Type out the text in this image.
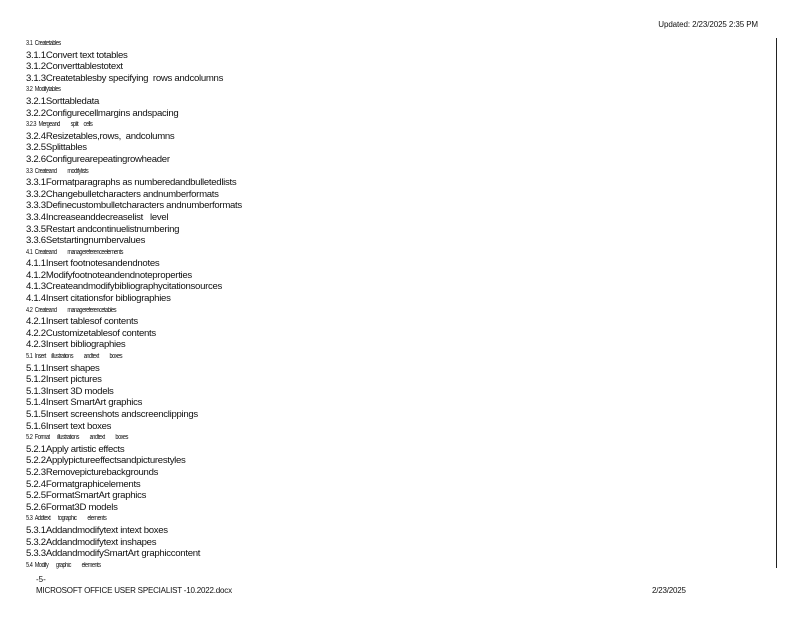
Updated: 2/23/2025 2:35 PM
3.1 Createtables
3.1.1Convert text totables
3.1.2Converttablestotext
3.1.3Createtablesby specifying  rows andcolumns
3.2 Modifytables
3.2.1Sorttabledata
3.2.2Configurecellmargins andspacing
3.2.3 Mergeand          split     cells
3.2.4Resizetables,rows,  andcolumns
3.2.5Splittables
3.2.6Configurearepeatingrowheader
3.3 Createand          modifylists
3.3.1Formatparagraphs as numberedandbulletedlists
3.3.2Changebulletcharacters andnumberformats
3.3.3Definecustombulletcharacters andnumberformats
3.3.4Increaseanddecreaselist   level
3.3.5Restart andcontinuelistnumbering
3.3.6Setstartingnumbervalues
4.1 Createand          managereferenceelements
4.1.1Insert footnotesandendnotes
4.1.2Modifyfootnoteandendnoteproperties
4.1.3Createandmodifybibliographycitationsources
4.1.4Insert citationsfor bibliographies
4.2 Createand          managereferencetables
4.2.1Insert tablesof contents
4.2.2Customizetablesof contents
4.2.3Insert bibliographies
5.1 Insert     illustrations          andtext          boxes
5.1.1Insert shapes
5.1.2Insert pictures
5.1.3Insert 3D models
5.1.4Insert SmartArt graphics
5.1.5Insert screenshots andscreenclippings
5.1.6Insert text boxes
5.2 Format       illustrations          andtext          boxes
5.2.1Apply artistic effects
5.2.2Applypictureeffectsandpicturestyles
5.2.3Removepicturebackgrounds
5.2.4Formatgraphicelements
5.2.5FormatSmartArt graphics
5.2.6Format3D models
5.3 Addtext       tographic          elements
5.3.1Addandmodifytext intext boxes
5.3.2Addandmodifytext inshapes
5.3.3AddandmodifySmartArt graphiccontent
5.4 Modify       graphic          elements
-5-
MICROSOFT OFFICE USER SPECIALIST -10.2022.docx	2/23/2025
